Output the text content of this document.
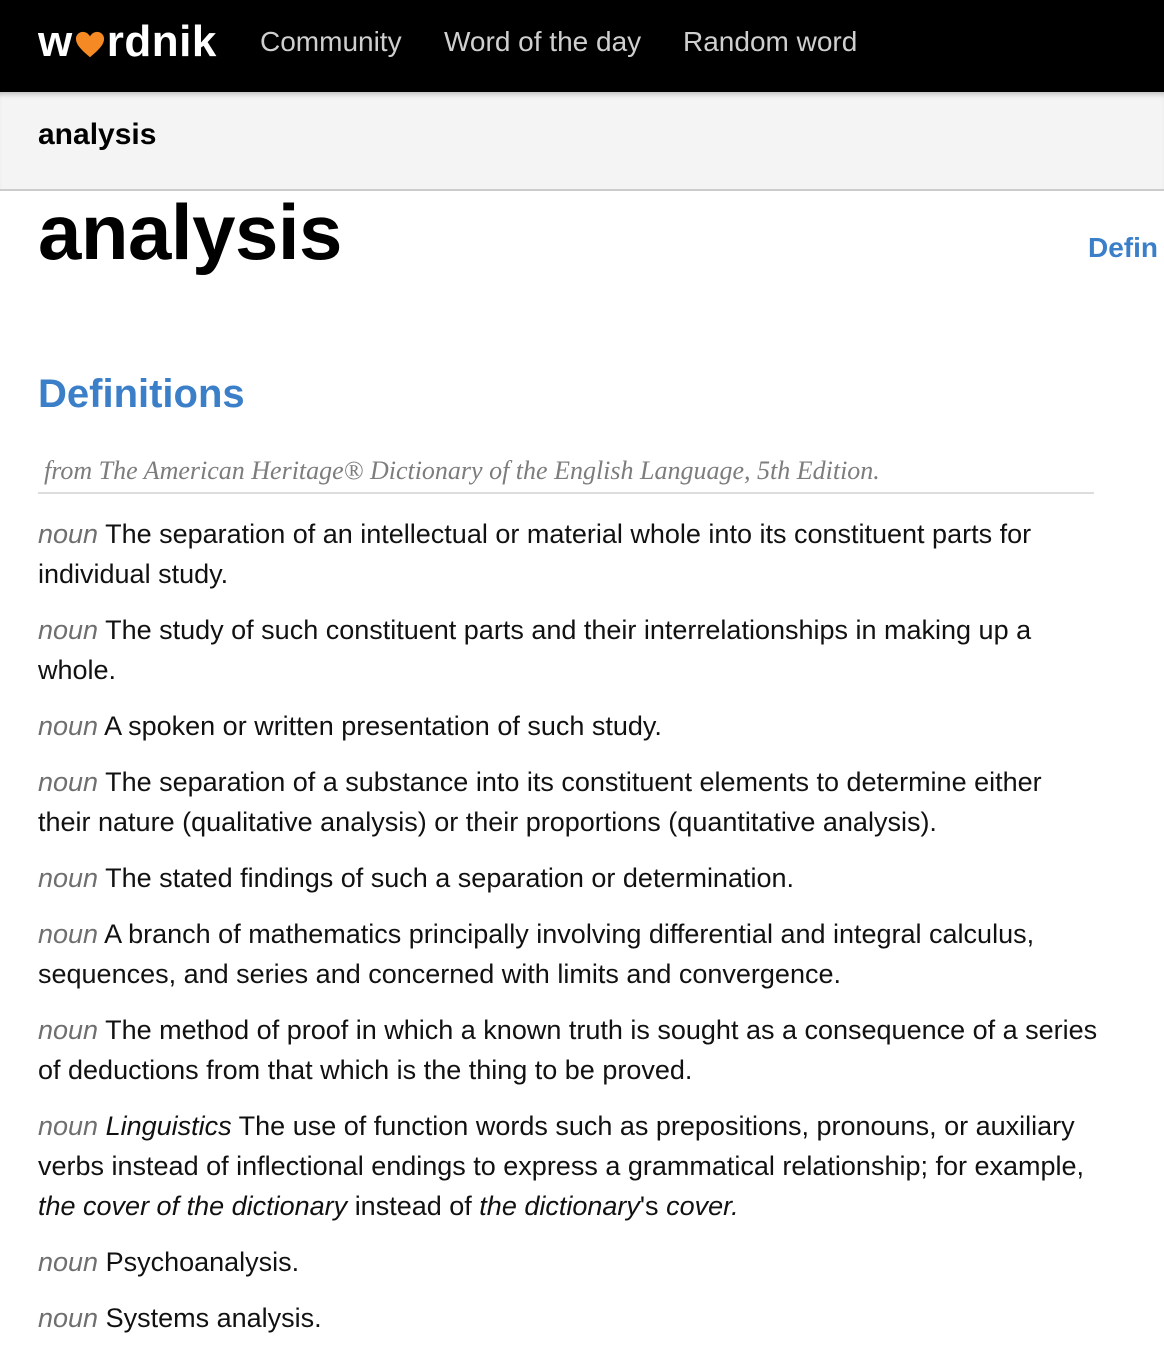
w rdnik Community Word of the day Random word
analysis
analysis	Defin
Definitions
from The American Heritage® Dictionary of the English Language, 5th Edition.
noun The separation of an intellectual or material whole into its constituent parts for individual study.
noun The study of such constituent parts and their interrelationships in making up a whole.
noun A spoken or written presentation of such study.
noun The separation of a substance into its constituent elements to determine either their nature (qualitative analysis) or their proportions (quantitative analysis).
noun The stated findings of such a separation or determination.
noun A branch of mathematics principally involving differential and integral calculus, sequences, and series and concerned with limits and convergence.
noun The method of proof in which a known truth is sought as a consequence of a series of deductions from that which is the thing to be proved.
noun Linguistics The use of function words such as prepositions, pronouns, or auxiliary verbs instead of inflectional endings to express a grammatical relationship; for example, the cover of the dictionary instead of the dictionary's cover.
noun Psychoanalysis.
noun Systems analysis.
